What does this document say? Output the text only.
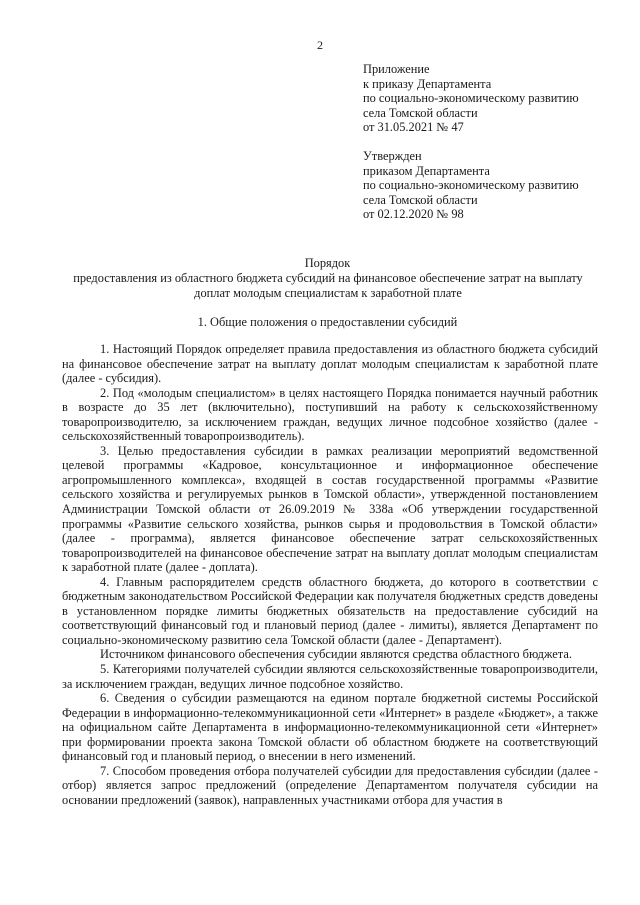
2
Приложение
к приказу Департамента
по социально-экономическому развитию
села Томской области
от 31.05.2021 № 47
Утвержден
приказом Департамента
по социально-экономическому развитию
села Томской области
от 02.12.2020 № 98
Порядок
предоставления из областного бюджета субсидий на финансовое обеспечение затрат на выплату доплат молодым специалистам к заработной плате
1. Общие положения о предоставлении субсидий

1. Настоящий Порядок определяет правила предоставления из областного бюджета субсидий на финансовое обеспечение затрат на выплату доплат молодым специалистам к заработной плате (далее - субсидия).

2. Под «молодым специалистом» в целях настоящего Порядка понимается научный работник в возрасте до 35 лет (включительно), поступивший на работу к сельскохозяйственному товаропроизводителю, за исключением граждан, ведущих личное подсобное хозяйство (далее - сельскохозяйственный товаропроизводитель).

3. Целью предоставления субсидии в рамках реализации мероприятий ведомственной целевой программы «Кадровое, консультационное и информационное обеспечение агропромышленного комплекса», входящей в состав государственной программы «Развитие сельского хозяйства и регулируемых рынков в Томской области», утвержденной постановлением Администрации Томской области от 26.09.2019 № 338а «Об утверждении государственной программы «Развитие сельского хозяйства, рынков сырья и продовольствия в Томской области» (далее - программа), является финансовое обеспечение затрат сельскохозяйственных товаропроизводителей на финансовое обеспечение затрат на выплату доплат молодым специалистам к заработной плате (далее - доплата).

4. Главным распорядителем средств областного бюджета, до которого в соответствии с бюджетным законодательством Российской Федерации как получателя бюджетных средств доведены в установленном порядке лимиты бюджетных обязательств на предоставление субсидий на соответствующий финансовый год и плановый период (далее - лимиты), является Департамент по социально-экономическому развитию села Томской области (далее - Департамент).

Источником финансового обеспечения субсидии являются средства областного бюджета.

5. Категориями получателей субсидии являются сельскохозяйственные товаропроизводители, за исключением граждан, ведущих личное подсобное хозяйство.

6. Сведения о субсидии размещаются на едином портале бюджетной системы Российской Федерации в информационно-телекоммуникационной сети «Интернет» в разделе «Бюджет», а также на официальном сайте Департамента в информационно-телекоммуникационной сети «Интернет» при формировании проекта закона Томской области об областном бюджете на соответствующий финансовый год и плановый период, о внесении в него изменений.

7. Способом проведения отбора получателей субсидии для предоставления субсидии (далее - отбор) является запрос предложений (определение Департаментом получателя субсидии на основании предложений (заявок), направленных участниками отбора для участия в
